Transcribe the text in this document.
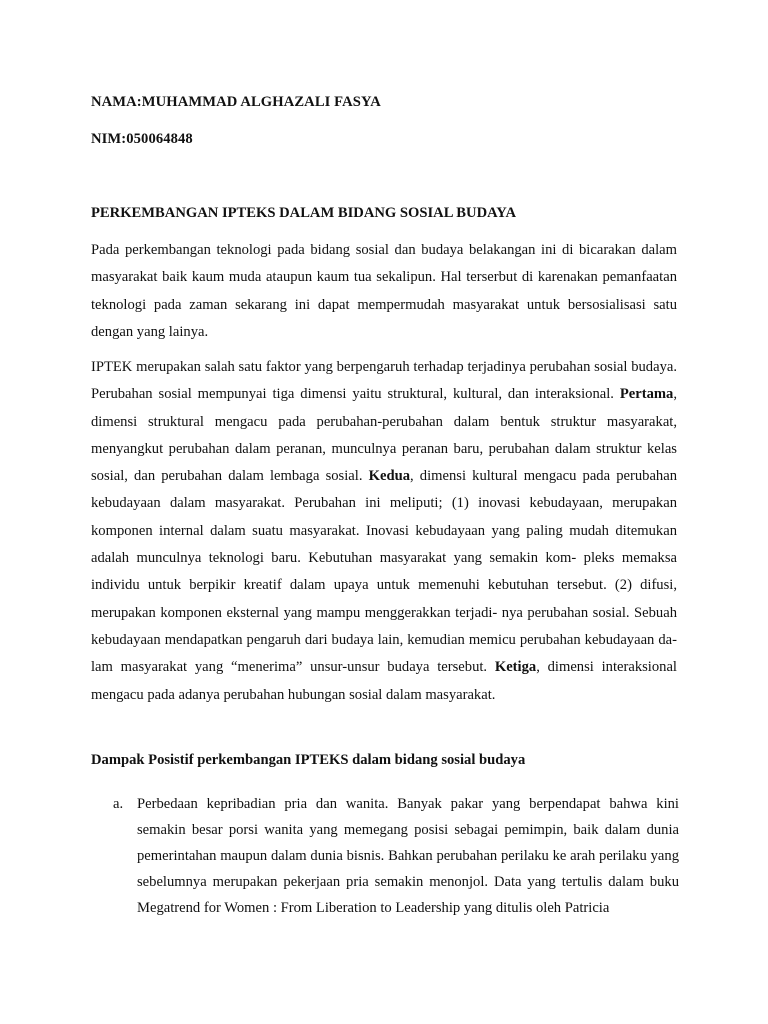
NAMA:MUHAMMAD ALGHAZALI FASYA
NIM:050064848
PERKEMBANGAN IPTEKS DALAM BIDANG SOSIAL BUDAYA
Pada perkembangan teknologi pada bidang sosial dan budaya belakangan ini di bicarakan dalam masyarakat baik kaum muda ataupun kaum tua sekalipun. Hal terserbut di karenakan pemanfaatan teknologi pada zaman sekarang ini dapat mempermudah masyarakat untuk bersosialisasi satu dengan yang lainya.
IPTEK merupakan salah satu faktor yang berpengaruh terhadap terjadinya perubahan sosial budaya. Perubahan sosial mempunyai tiga dimensi yaitu struktural, kultural, dan interaksional. Pertama, dimensi struktural mengacu pada perubahan-perubahan dalam bentuk struktur masyarakat, menyangkut perubahan dalam peranan, munculnya peranan baru, perubahan dalam struktur kelas sosial, dan perubahan dalam lembaga sosial. Kedua, dimensi kultural mengacu pada perubahan kebudayaan dalam masyarakat. Perubahan ini meliputi; (1) inovasi kebudayaan, merupakan komponen internal dalam suatu masyarakat. Inovasi kebudayaan yang paling mudah ditemukan adalah munculnya teknologi baru. Kebutuhan masyarakat yang semakin kom- pleks memaksa individu untuk berpikir kreatif dalam upaya untuk memenuhi kebutuhan tersebut. (2) difusi, merupakan komponen eksternal yang mampu menggerakkan terjadi- nya perubahan sosial. Sebuah kebudayaan mendapatkan pengaruh dari budaya lain, kemudian memicu perubahan kebudayaan da- lam masyarakat yang “menerima” unsur-unsur budaya tersebut. Ketiga, dimensi interaksional mengacu pada adanya perubahan hubungan sosial dalam masyarakat.
Dampak Posistif perkembangan IPTEKS dalam bidang sosial budaya
a. Perbedaan kepribadian pria dan wanita. Banyak pakar yang berpendapat bahwa kini semakin besar porsi wanita yang memegang posisi sebagai pemimpin, baik dalam dunia pemerintahan maupun dalam dunia bisnis. Bahkan perubahan perilaku ke arah perilaku yang sebelumnya merupakan pekerjaan pria semakin menonjol. Data yang tertulis dalam buku Megatrend for Women : From Liberation to Leadership yang ditulis oleh Patricia
